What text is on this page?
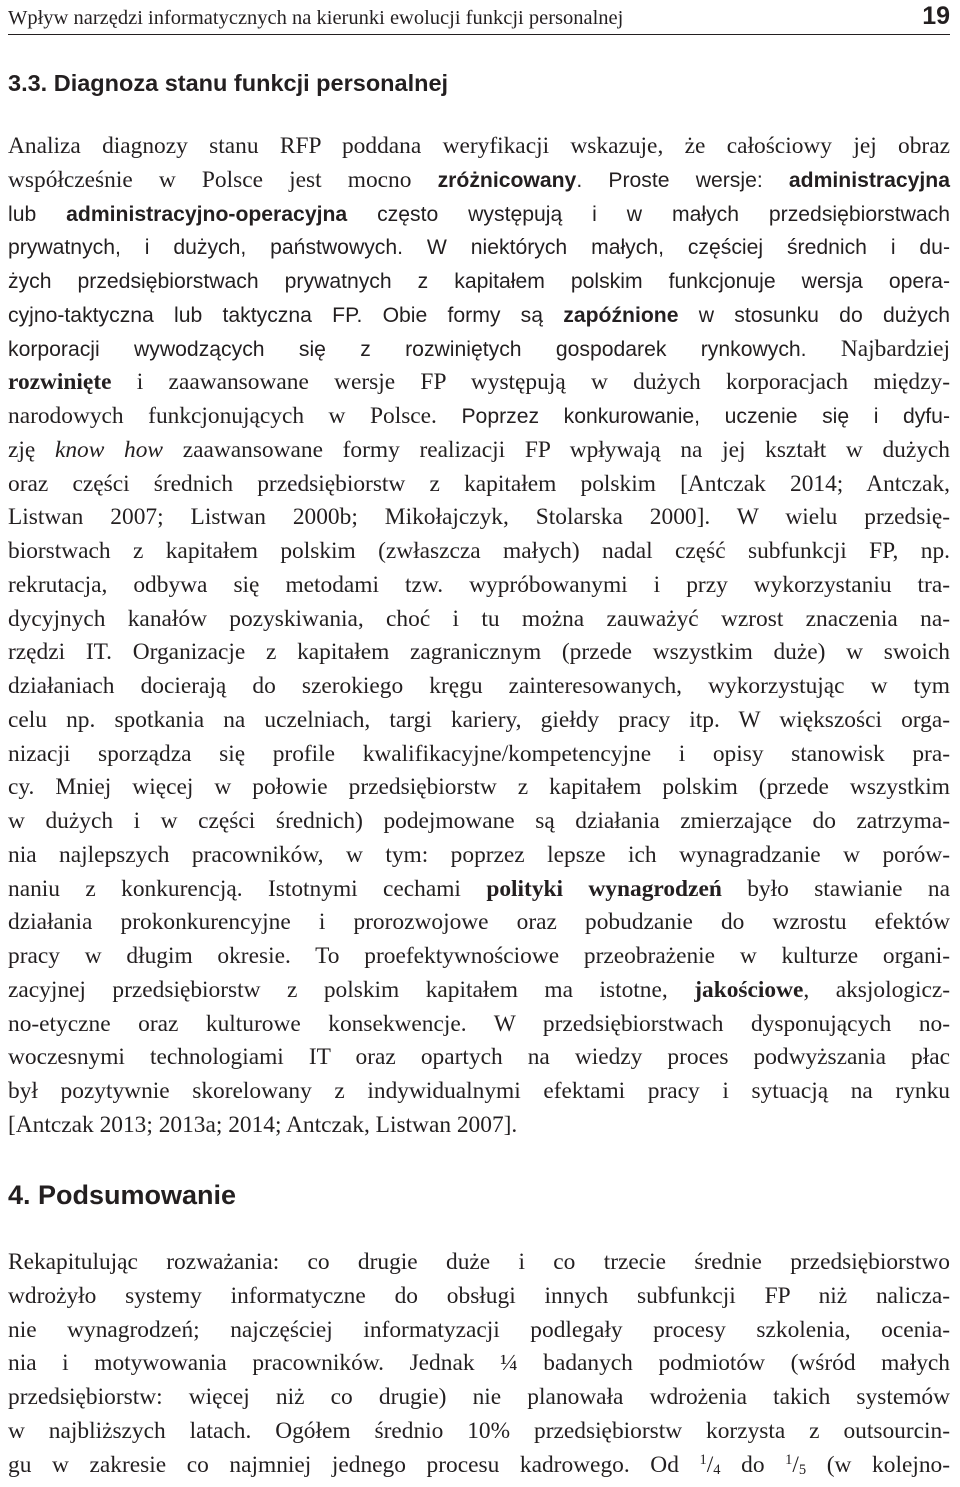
Wpływ narzędzi informatycznych na kierunki ewolucji funkcji personalnej	19
3.3. Diagnoza stanu funkcji personalnej
Analiza diagnozy stanu RFP poddana weryfikacji wskazuje, że całościowy jej obraz
współcześnie w Polsce jest mocno zróżnicowany. Proste wersje: administracyjna
lub administracyjno-operacyjna często występują i w małych przedsiębiorstwach
prywatnych, i dużych, państwowych. W niektórych małych, częściej średnich i du-
żych przedsiębiorstwach prywatnych z kapitałem polskim funkcjonuje wersja opera-
cyjno-taktyczna lub taktyczna FP. Obie formy są zapóźnione w stosunku do dużych
korporacji wywodzących się z rozwiniętych gospodarek rynkowych. Najbardziej
rozwinięte i zaawansowane wersje FP występują w dużych korporacjach między-
narodowych funkcjonujących w Polsce. Poprzez konkurowanie, uczenie się i dyfu-
zję know how zaawansowane formy realizacji FP wpływają na jej kształt w dużych
oraz części średnich przedsiębiorstw z kapitałem polskim [Antczak 2014; Antczak,
Listwan 2007; Listwan 2000b; Mikołajczyk, Stolarska 2000]. W wielu przedsię-
biorstwach z kapitałem polskim (zwłaszcza małych) nadal część subfunkcji FP, np.
rekrutacja, odbywa się metodami tzw. wypróbowanymi i przy wykorzystaniu tra-
dycyjnych kanałów pozyskiwania, choć i tu można zauważyć wzrost znaczenia na-
rzędzi IT. Organizacje z kapitałem zagranicznym (przede wszystkim duże) w swoich
działaniach docierają do szerokiego kręgu zainteresowanych, wykorzystując w tym
celu np. spotkania na uczelniach, targi kariery, giełdy pracy itp. W większości orga-
nizacji sporządza się profile kwalifikacyjne/kompetencyjne i opisy stanowisk pra-
cy. Mniej więcej w połowie przedsiębiorstw z kapitałem polskim (przede wszystkim
w dużych i w części średnich) podejmowane są działania zmierzające do zatrzyma-
nia najlepszych pracowników, w tym: poprzez lepsze ich wynagradzanie w porów-
naniu z konkurencją. Istotnymi cechami polityki wynagrodzeń było stawianie na
działania prokonkurencyjne i prorozwojowe oraz pobudzanie do wzrostu efektów
pracy w długim okresie. To proefektywnościowe przeobrażenie w kulturze organi-
zacyjnej przedsiębiorstw z polskim kapitałem ma istotne, jakościowe, aksjologicz-
no-etyczne oraz kulturowe konsekwencje. W przedsiębiorstwach dysponujących no-
woczesnymi technologiami IT oraz opartych na wiedzy proces podwyższania płac
był pozytywnie skorelowany z indywidualnymi efektami pracy i sytuacją na rynku
[Antczak 2013; 2013a; 2014; Antczak, Listwan 2007].
4. Podsumowanie
Rekapitulując rozważania: co drugie duże i co trzecie średnie przedsiębiorstwo
wdrożyło systemy informatyczne do obsługi innych subfunkcji FP niż nalicza-
nie wynagrodzeń; najczęściej informatyzacji podlegały procesy szkolenia, ocenia-
nia i motywowania pracowników. Jednak ¼ badanych podmiotów (wśród małych
przedsiębiorstw: więcej niż co drugie) nie planowała wdrożenia takich systemów
w najbliższych latach. Ogółem średnio 10% przedsiębiorstw korzysta z outsourcin-
gu w zakresie co najmniej jednego procesu kadrowego. Od $^1/_4$ do $^1/_5$ (w kolejno-
